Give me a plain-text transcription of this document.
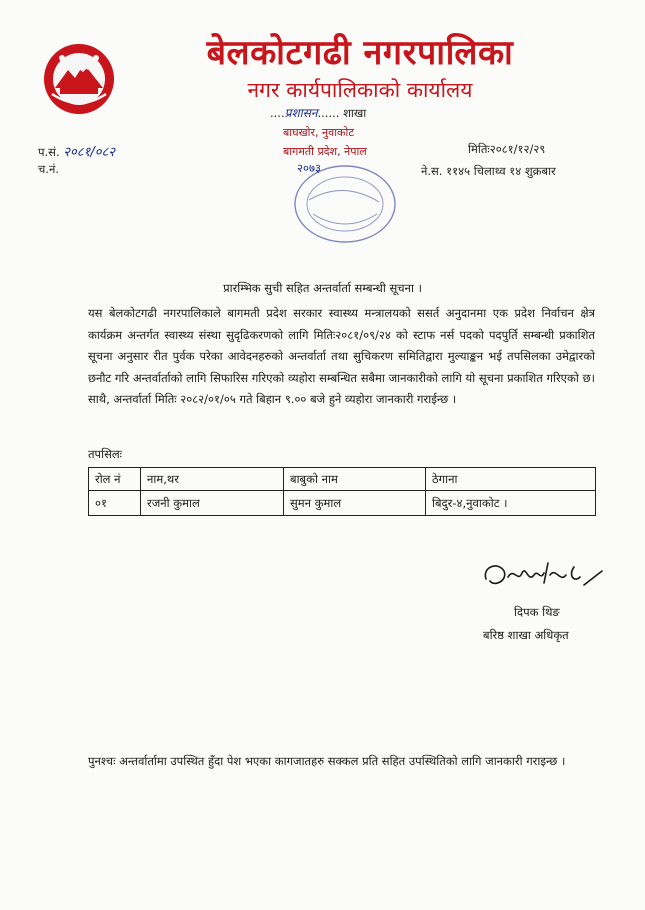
बेलकोटगढी नगरपालिका
नगर कार्यपालिकाको कार्यालय
....प्रशासन...... शाखा
बाघखोर, नुवाकोट
बागमती प्रदेश, नेपाल
२०७३
प.सं. २०८१/०८२
च.नं.
मितिः२०८१/१२/२९
ने.स. ११४५ चिलाथ्व १४ शुक्रबार
प्रारम्भिक सुची सहित अन्तर्वार्ता सम्बन्धी सूचना ।
यस बेलकोटगढी नगरपालिकाले बागमती प्रदेश सरकार स्वास्थ्य मन्त्रालयको ससर्त अनुदानमा एक प्रदेश निर्वाचन क्षेत्र कार्यक्रम अन्तर्गत स्वास्थ्य संस्था सुदृढिकरणको लागि मितिः२०८१/०९/२४ को स्टाफ नर्स पदको पदपुर्ति सम्बन्धी प्रकाशित सूचना अनुसार रीत पुर्वक परेका आवेदनहरुको अन्तर्वार्ता तथा सुचिकरण समितिद्वारा मुल्याङ्कन भई तपसिलका उमेद्वारको छनौट गरि अन्तर्वार्ताको लागि सिफारिस गरिएको व्यहोरा सम्बन्धित सबैमा जानकारीको लागि यो सूचना प्रकाशित गरिएको छ। साथै, अन्तर्वार्ता मितिः २०८२/०१/०५ गते बिहान ९.०० बजे हुने व्यहोरा जानकारी गराईन्छ ।
तपसिलः
रोल नं	नाम,थर	बाबुको नाम	ठेगाना
०१	रजनी कुमाल	सुमन कुमाल	बिदुर-४,नुवाकोट ।
दिपक थिङ
बरिष्ठ शाखा अधिकृत
पुनश्चः अन्तर्वार्तामा उपस्थित हुँदा पेश भएका कागजातहरु सक्कल प्रति सहित उपस्थितिको लागि जानकारी गराइन्छ ।
